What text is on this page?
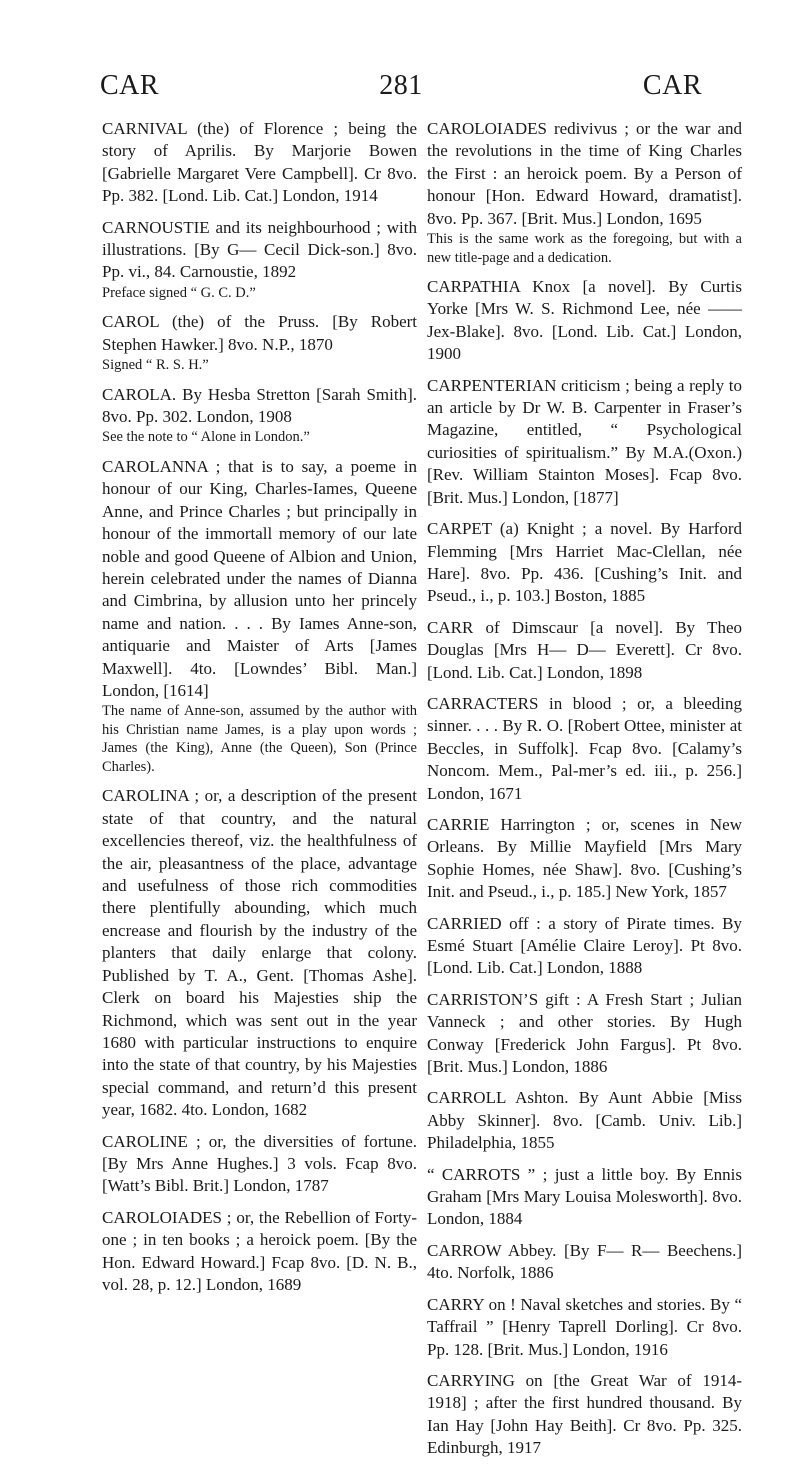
CAR	281	CAR

CARNIVAL (the) of Florence ; being the story of Aprilis. By Marjorie Bowen [Gabrielle Margaret Vere Campbell]. Cr 8vo. Pp. 382. [Lond. Lib. Cat.] London, 1914

CARNOUSTIE and its neighbourhood ; with illustrations. [By G— Cecil Dick-son.] 8vo. Pp. vi., 84. Carnoustie, 1892

Preface signed “ G. C. D.”

CAROL (the) of the Pruss. [By Robert Stephen Hawker.] 8vo. N.P., 1870

Signed “ R. S. H.”

CAROLA. By Hesba Stretton [Sarah Smith]. 8vo. Pp. 302. London, 1908

See the note to “ Alone in London.”

CAROLANNA ; that is to say, a poeme in honour of our King, Charles-Iames, Queene Anne, and Prince Charles ; but principally in honour of the immortall memory of our late noble and good Queene of Albion and Union, herein celebrated under the names of Dianna and Cimbrina, by allusion unto her princely name and nation. . . . By Iames Anne-son, antiquarie and Maister of Arts [James Maxwell]. 4to. [Lowndes’ Bibl. Man.] London, [1614]

The name of Anne-son, assumed by the author with his Christian name James, is a play upon words ; James (the King), Anne (the Queen), Son (Prince Charles).

CAROLINA ; or, a description of the present state of that country, and the natural excellencies thereof, viz. the healthfulness of the air, pleasantness of the place, advantage and usefulness of those rich commodities there plentifully abounding, which much encrease and flourish by the industry of the planters that daily enlarge that colony. Published by T. A., Gent. [Thomas Ashe]. Clerk on board his Majesties ship the Richmond, which was sent out in the year 1680 with particular instructions to enquire into the state of that country, by his Majesties special command, and return’d this present year, 1682. 4to. London, 1682

CAROLINE ; or, the diversities of fortune. [By Mrs Anne Hughes.] 3 vols. Fcap 8vo. [Watt’s Bibl. Brit.] London, 1787

CAROLOIADES ; or, the Rebellion of Forty-one ; in ten books ; a heroick poem. [By the Hon. Edward Howard.] Fcap 8vo. [D. N. B., vol. 28, p. 12.] London, 1689

CAROLOIADES redivivus ; or the war and the revolutions in the time of King Charles the First : an heroick poem. By a Person of honour [Hon. Edward Howard, dramatist]. 8vo. Pp. 367. [Brit. Mus.] London, 1695

This is the same work as the foregoing, but with a new title-page and a dedication.

CARPATHIA Knox [a novel]. By Curtis Yorke [Mrs W. S. Richmond Lee, née —— Jex-Blake]. 8vo. [Lond. Lib. Cat.] London, 1900

CARPENTERIAN criticism ; being a reply to an article by Dr W. B. Carpenter in Fraser’s Magazine, entitled, “ Psychological curiosities of spiritualism.” By M.A.(Oxon.) [Rev. William Stainton Moses]. Fcap 8vo. [Brit. Mus.] London, [1877]

CARPET (a) Knight ; a novel. By Harford Flemming [Mrs Harriet Mac-Clellan, née Hare]. 8vo. Pp. 436. [Cushing’s Init. and Pseud., i., p. 103.] Boston, 1885

CARR of Dimscaur [a novel]. By Theo Douglas [Mrs H— D— Everett]. Cr 8vo. [Lond. Lib. Cat.] London, 1898

CARRACTERS in blood ; or, a bleeding sinner. . . . By R. O. [Robert Ottee, minister at Beccles, in Suffolk]. Fcap 8vo. [Calamy’s Noncom. Mem., Pal-mer’s ed. iii., p. 256.] London, 1671

CARRIE Harrington ; or, scenes in New Orleans. By Millie Mayfield [Mrs Mary Sophie Homes, née Shaw]. 8vo. [Cushing’s Init. and Pseud., i., p. 185.] New York, 1857

CARRIED off : a story of Pirate times. By Esmé Stuart [Amélie Claire Leroy]. Pt 8vo. [Lond. Lib. Cat.] London, 1888

CARRISTON’S gift : A Fresh Start ; Julian Vanneck ; and other stories. By Hugh Conway [Frederick John Fargus]. Pt 8vo. [Brit. Mus.] London, 1886

CARROLL Ashton. By Aunt Abbie [Miss Abby Skinner]. 8vo. [Camb. Univ. Lib.] Philadelphia, 1855

“ CARROTS ” ; just a little boy. By Ennis Graham [Mrs Mary Louisa Molesworth]. 8vo. London, 1884

CARROW Abbey. [By F— R— Beechens.] 4to. Norfolk, 1886

CARRY on ! Naval sketches and stories. By “ Taffrail ” [Henry Taprell Dorling]. Cr 8vo. Pp. 128. [Brit. Mus.] London, 1916

CARRYING on [the Great War of 1914-1918] ; after the first hundred thousand. By Ian Hay [John Hay Beith]. Cr 8vo. Pp. 325. Edinburgh, 1917
